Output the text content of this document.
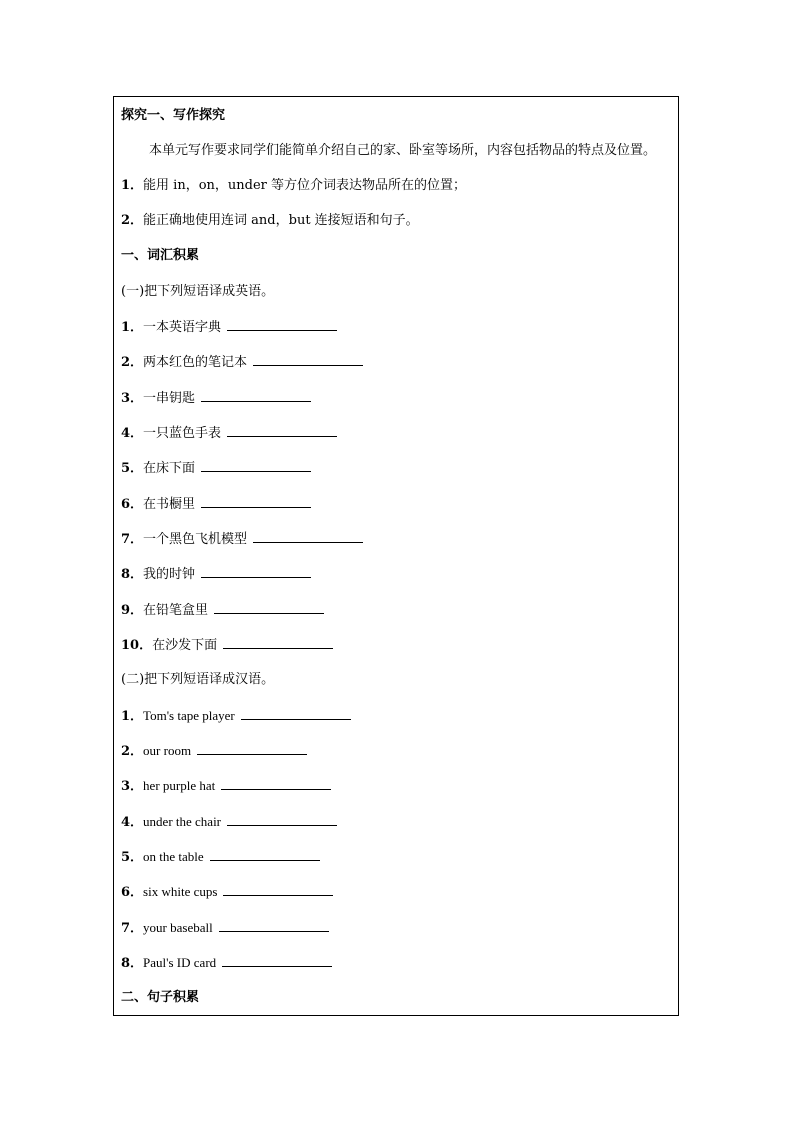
探究一、写作探究
本单元写作要求同学们能简单介绍自己的家、卧室等场所，内容包括物品的特点及位置。
1．能用 in，on，under 等方位介词表达物品所在的位置；
2．能正确地使用连词 and，but 连接短语和句子。
一、词汇积累
(一)把下列短语译成英语。
1．一本英语字典
2．两本红色的笔记本
3．一串钥匙
4．一只蓝色手表
5．在床下面
6．在书橱里
7．一个黑色飞机模型
8．我的时钟
9．在铅笔盒里
10．在沙发下面
(二)把下列短语译成汉语。
1．Tom's tape player
2．our room
3．her purple hat
4．under the chair
5．on the table
6．six white cups
7．your baseball
8．Paul's ID card
二、句子积累
